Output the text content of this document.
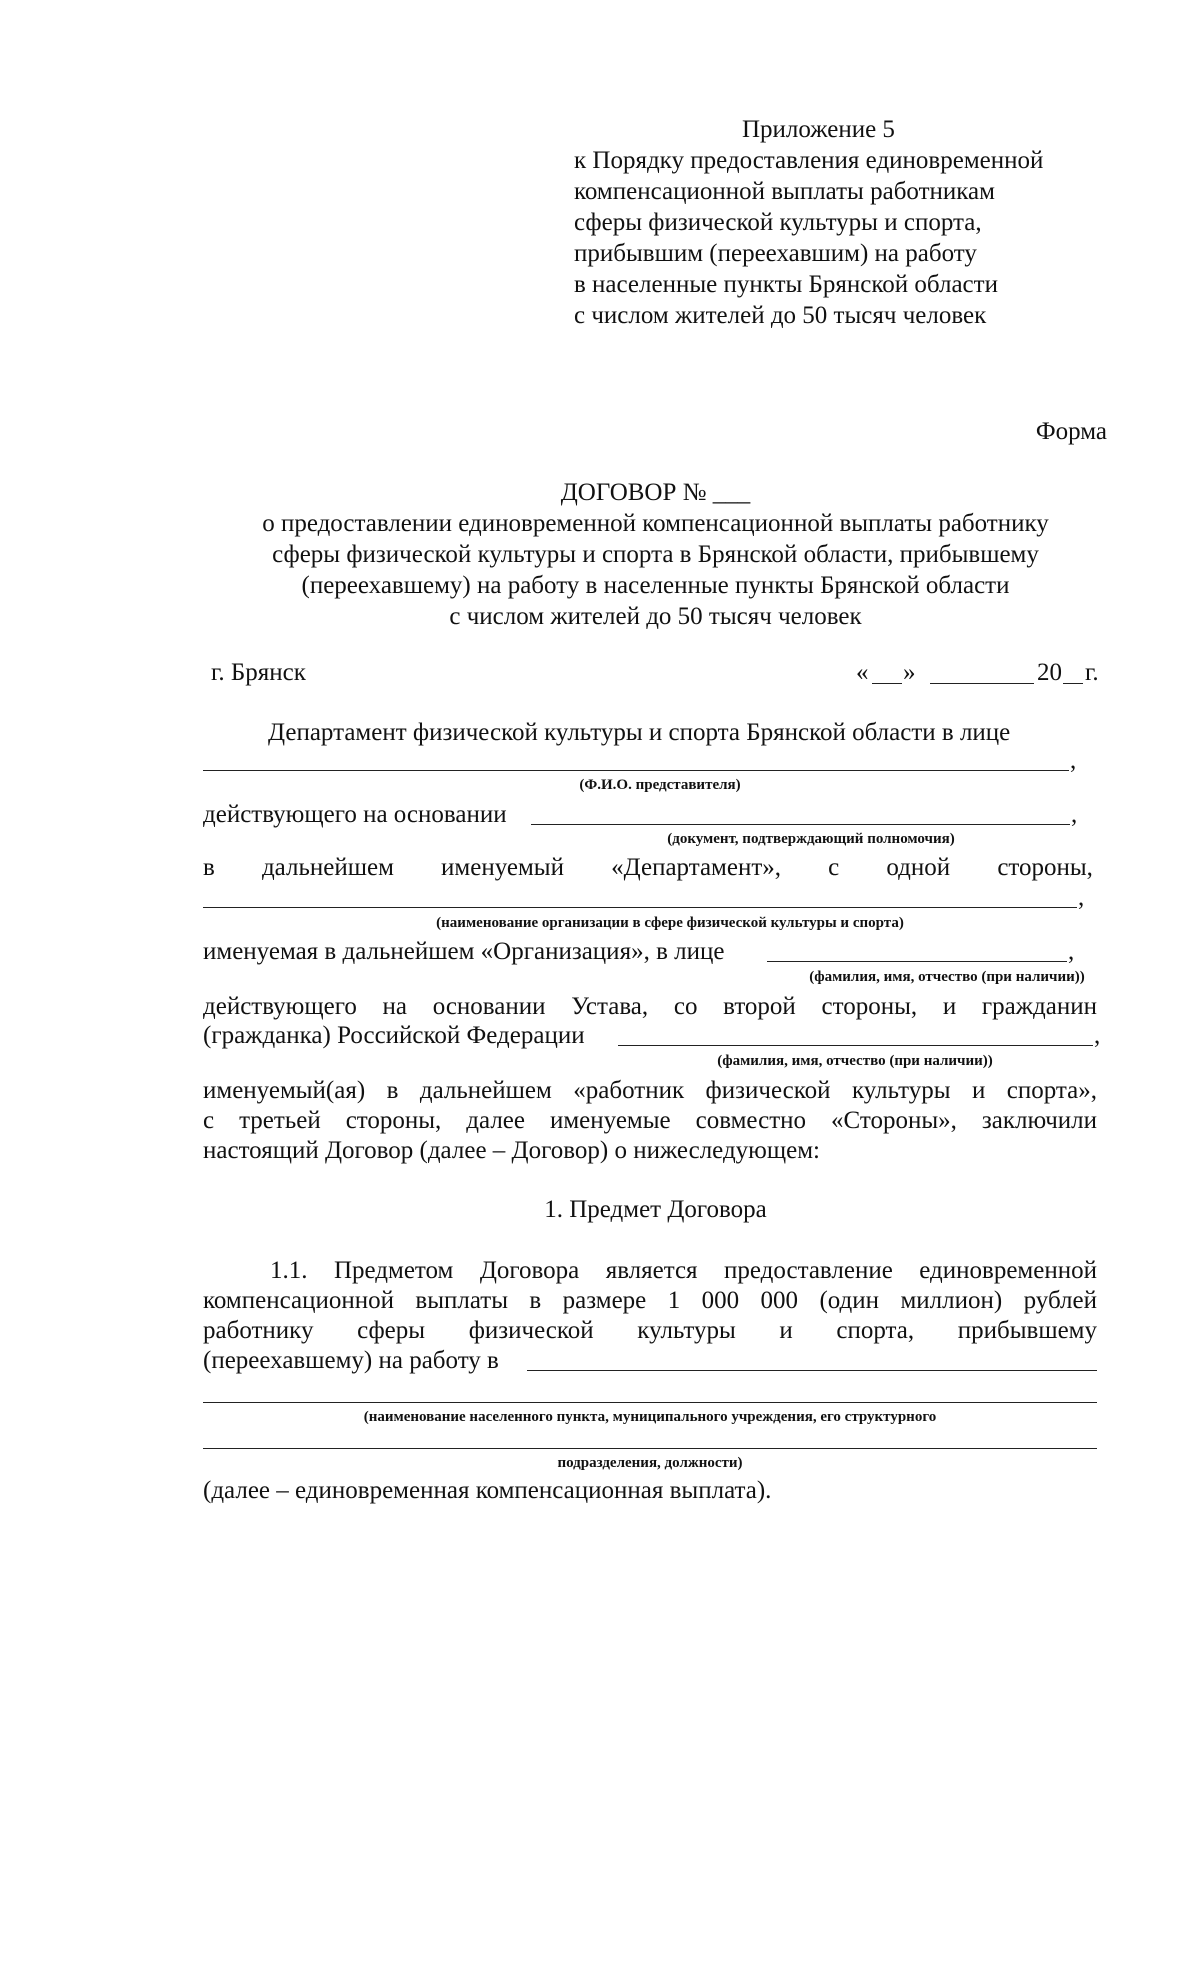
Приложение 5
к Порядку предоставления единовременной
компенсационной выплаты работникам
сферы физической культуры и спорта,
прибывшим (переехавшим) на работу
в населенные пункты Брянской области
с числом жителей до 50 тысяч человек
Форма
ДОГОВОР № ___
о предоставлении единовременной компенсационной выплаты работнику
сферы физической культуры и спорта в Брянской области, прибывшему
(переехавшему) на работу в населенные пункты Брянской области
с числом жителей до 50 тысяч человек
г. Брянск	« »	20 г.
Департамент физической культуры и спорта Брянской области в лице
,
(Ф.И.О. представителя)
действующего на основании	,
(документ, подтверждающий полномочия)
в дальнейшем именуемый «Департамент», с одной стороны,
,
(наименование организации в сфере физической культуры и спорта)
именуемая в дальнейшем «Организация», в лице	,
(фамилия, имя, отчество (при наличии))
действующего на основании Устава, со второй стороны, и гражданин
(гражданка) Российской Федерации	,
(фамилия, имя, отчество (при наличии))
именуемый(ая) в дальнейшем «работник физической культуры и спорта»,
с третьей стороны, далее именуемые совместно «Стороны», заключили
настоящий Договор (далее – Договор) о нижеследующем:
1. Предмет Договора
1.1. Предметом Договора является предоставление единовременной
компенсационной выплаты в размере 1 000 000 (один миллион) рублей
работнику сферы физической культуры и спорта, прибывшему
(переехавшему) на работу в
(наименование населенного пункта, муниципального учреждения, его структурного
подразделения, должности)
(далее – единовременная компенсационная выплата).
